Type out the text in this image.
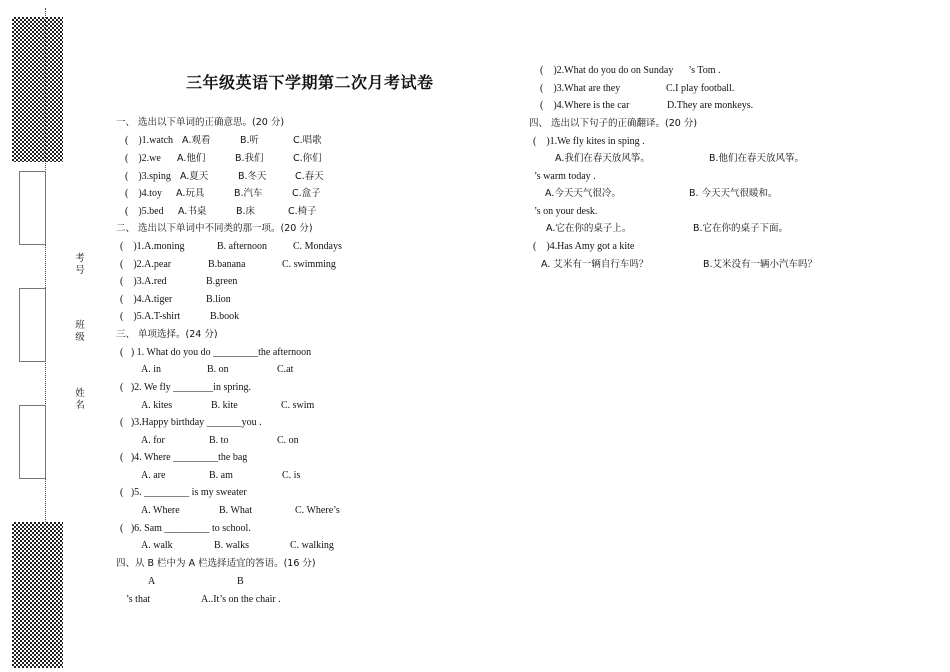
考号
班级
姓名
三年级英语下学期第二次月考试卷
一、 选出以下单词的正确意思。(20 分)
(    )1.watch A.观看	B.听	C.唱歌
(    )2.we A.他们	B.我们	C.你们
(    )3.sping A.夏天	B.冬天	C.春天
(    )4.toy A.玩具	B.汽车	C.盒子
(    )5.bed A.书桌	B.床	C.椅子
二、 选出以下单词中不同类的那一项。(20 分)
(    )1.A.moning	B. afternoon	C. Mondays
(    )2.A.pear	B.banana	C. swimming
(    )3.A.red	B.green
(    )4.A.tiger	B.lion
(    )5.A.T-shirt	B.book
三、 单项选择。(24 分)
(   ) 1. What do you do _________the afternoon
A. in	B. on	C.at
(   )2. We fly ________in spring.
A. kites	B. kite	C. swim
(   )3.Happy birthday _______you .
A. for	B. to	C. on
(   )4. Where _________the bag
A. are	B. am	C. is
(   )5. _________ is my sweater
A. Where	B. What	C. Where’s
(   )6. Sam _________ to school.
A. walk	B. walks	C. walking
四、从 B 栏中为 A 栏选择适宜的答语。(16 分)
A	B
’s that	A..It’s on the chair .
(    )2.What do you do on Sunday      ’s Tom .
(    )3.What are they	C.I play football.
(    )4.Where is the car	D.They are monkeys.
四、 选出以下句子的正确翻译。(20 分)
(    )1.We fly kites in sping .
A.我们在春天放风筝。	B.他们在春天放风筝。
’s warm today .
A.今天天气很冷。	B. 今天天气很暖和。
’s on your desk.
A.它在你的桌子上。	B.它在你的桌子下面。
(    )4.Has Amy got a kite
A. 艾米有一辆自行车吗？	B.艾米没有一辆小汽车吗？
